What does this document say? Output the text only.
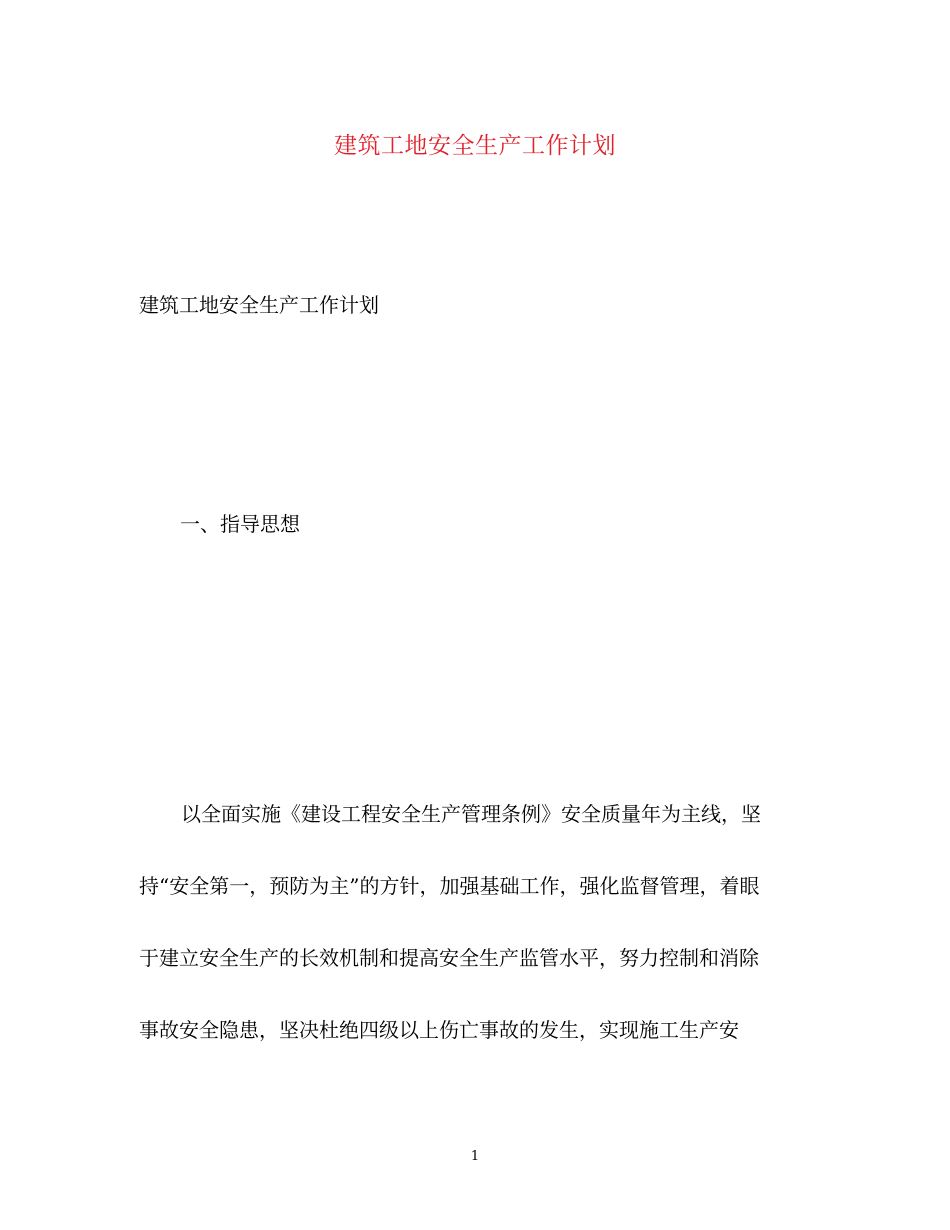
建筑工地安全生产工作计划

建筑工地安全生产工作计划

一、指导思想

以全面实施《建设工程安全生产管理条例》安全质量年为主线，坚

持“安全第一，预防为主”的方针，加强基础工作，强化监督管理，着眼

于建立安全生产的长效机制和提高安全生产监管水平，努力控制和消除

事故安全隐患，坚决杜绝四级以上伤亡事故的发生，实现施工生产安

1
